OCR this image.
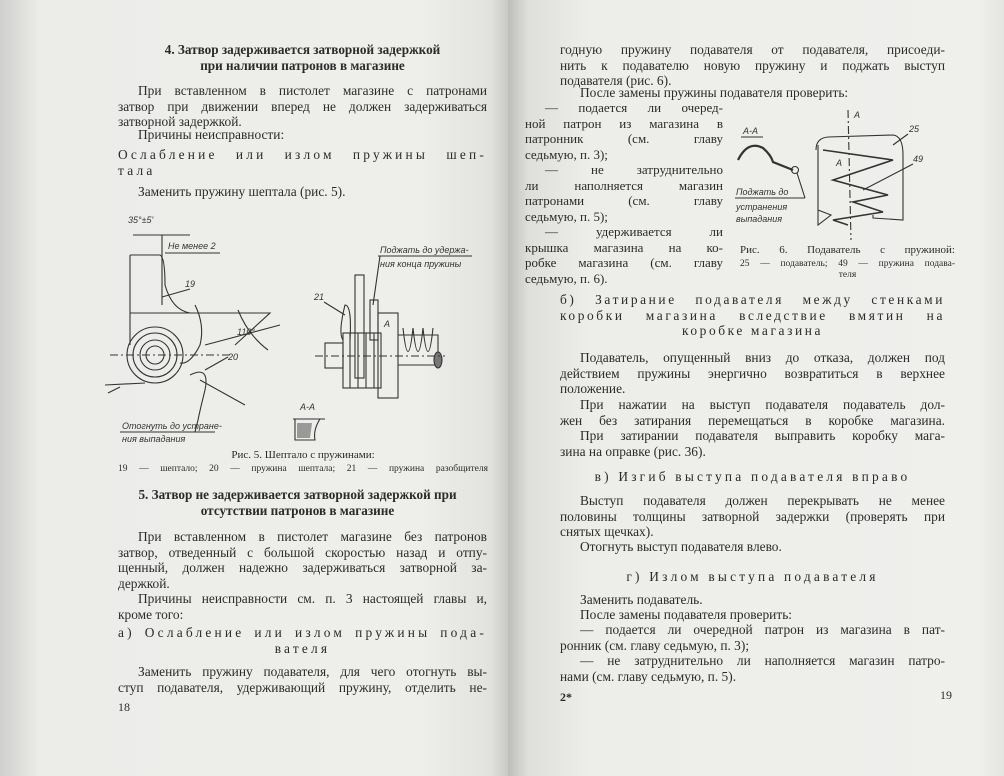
4. Затвор задерживается затворной задержкой
при наличии патронов в магазине
При вставленном в пистолет магазине с патронами
затвор при движении вперед не должен задерживаться
затворной задержкой.
Причины неисправности:
Ослабление или излом пружины шеп-
тала
Заменить пружину шептала (рис. 5).
35°±5'
Не менее 2
19
20
110°
Отогнуть до устране-
ния выпадания
21
Поджать до удержа-
ния конца пружины
А
А-А
Рис. 5. Шептало с пружинами:
19 — шептало; 20 — пружина шептала; 21 — пружина разобщителя
5. Затвор не задерживается затворной задержкой при
отсутствии патронов в магазине
При вставленном в пистолет магазине без патронов
затвор, отведенный с большой скоростью назад и отпу-
щенный, должен надежно задерживаться затворной за-
держкой.
Причины неисправности см. п. 3 настоящей главы и,
кроме того:
а) Ослабление или излом пружины пода-
вателя
Заменить пружину подавателя, для чего отогнуть вы-
ступ подавателя, удерживающий пружину, отделить не-
18
годную пружину подавателя от подавателя, присоеди-
нить к подавателю новую пружину и поджать выступ
подавателя (рис. 6).
После замены пружины подавателя проверить:
— подается ли очеред-
ной патрон из магазина в
патронник (см. главу
седьмую, п. 3);
— не затруднительно
ли наполняется магазин
патронами (см. главу
седьмую, п. 5);
— удерживается ли
крышка магазина на ко-
робке магазина (см. главу
седьмую, п. 6).
А-А
Поджать до
устранения
выпадания
А
А
25
49
Рис. 6. Подаватель с пружиной:
25 — подаватель; 49 — пружина подава-
теля
б) Затирание подавателя между стенками
коробки магазина вследствие вмятин на
коробке магазина
Подаватель, опущенный вниз до отказа, должен под
действием пружины энергично возвратиться в верхнее
положение.
При нажатии на выступ подавателя подаватель дол-
жен без затирания перемещаться в коробке магазина.
При затирании подавателя выправить коробку мага-
зина на оправке (рис. 36).
в) Изгиб выступа подавателя вправо
Выступ подавателя должен перекрывать не менее
половины толщины затворной задержки (проверять при
снятых щечках).
Отогнуть выступ подавателя влево.
г) Излом выступа подавателя
Заменить подаватель.
После замены подавателя проверить:
— подается ли очередной патрон из магазина в пат-
ронник (см. главу седьмую, п. 3);
— не затруднительно ли наполняется магазин патро-
нами (см. главу седьмую, п. 5).
2*	19
